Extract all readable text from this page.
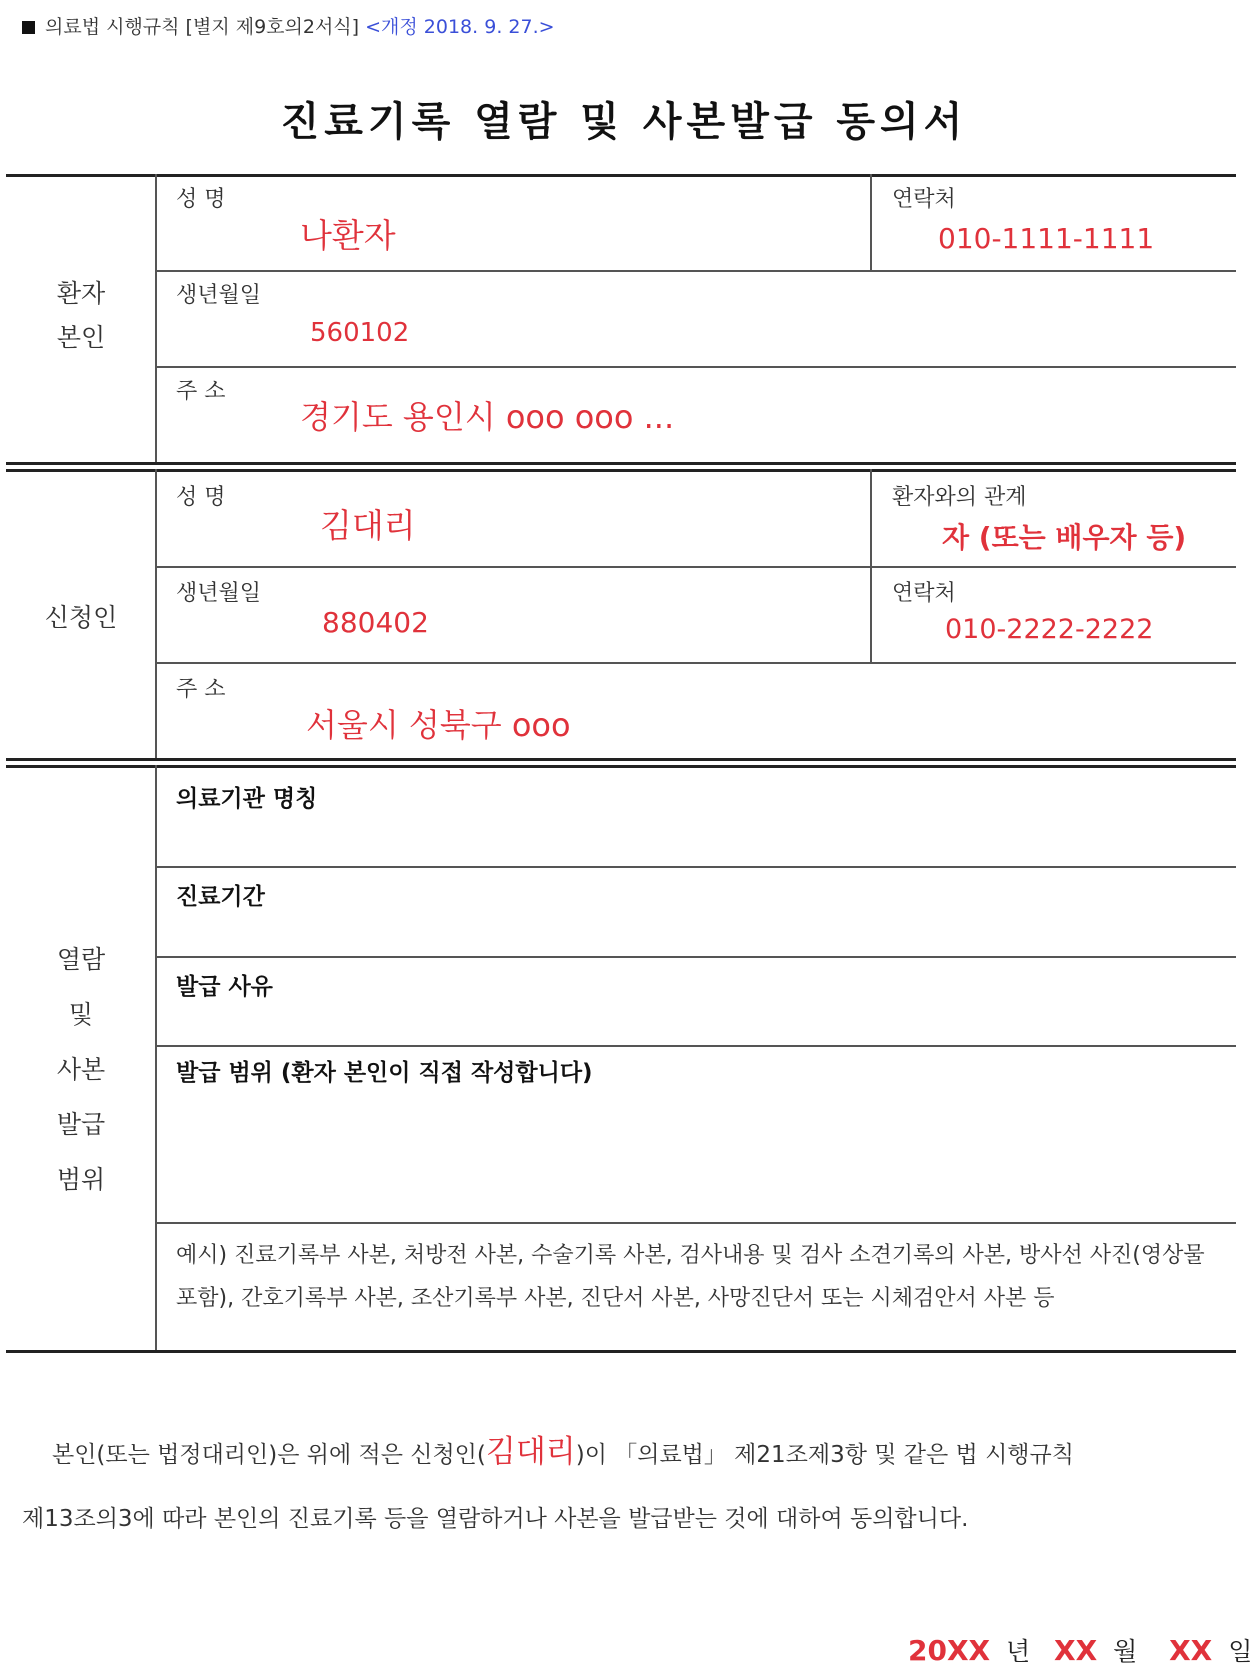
의료법 시행규칙 [별지 제9호의2서식] <개정 2018. 9. 27.>
진료기록 열람 및 사본발급 동의서
환자
본인
성 명
나환자
연락처
010-1111-1111
생년월일
560102
주 소
경기도 용인시 ooo ooo ...
신청인
성 명
김대리
환자와의 관계
자 (또는 배우자 등)
생년월일
880402
연락처
010-2222-2222
주 소
서울시 성북구 ooo
열람
및
사본
발급
범위
의료기관 명칭
진료기간
발급 사유
발급 범위 (환자 본인이 직접 작성합니다)
예시) 진료기록부 사본, 처방전 사본, 수술기록 사본, 검사내용 및 검사 소견기록의 사본, 방사선 사진(영상물 포함), 간호기록부 사본, 조산기록부 사본, 진단서 사본, 사망진단서 또는 시체검안서 사본 등
본인(또는 법정대리인)은 위에 적은 신청인(김대리)이 「의료법」 제21조제3항 및 같은 법 시행규칙
제13조의3에 따라 본인의 진료기록 등을 열람하거나 사본을 발급받는 것에 대하여 동의합니다.
20XX 년 XX 월 XX 일
